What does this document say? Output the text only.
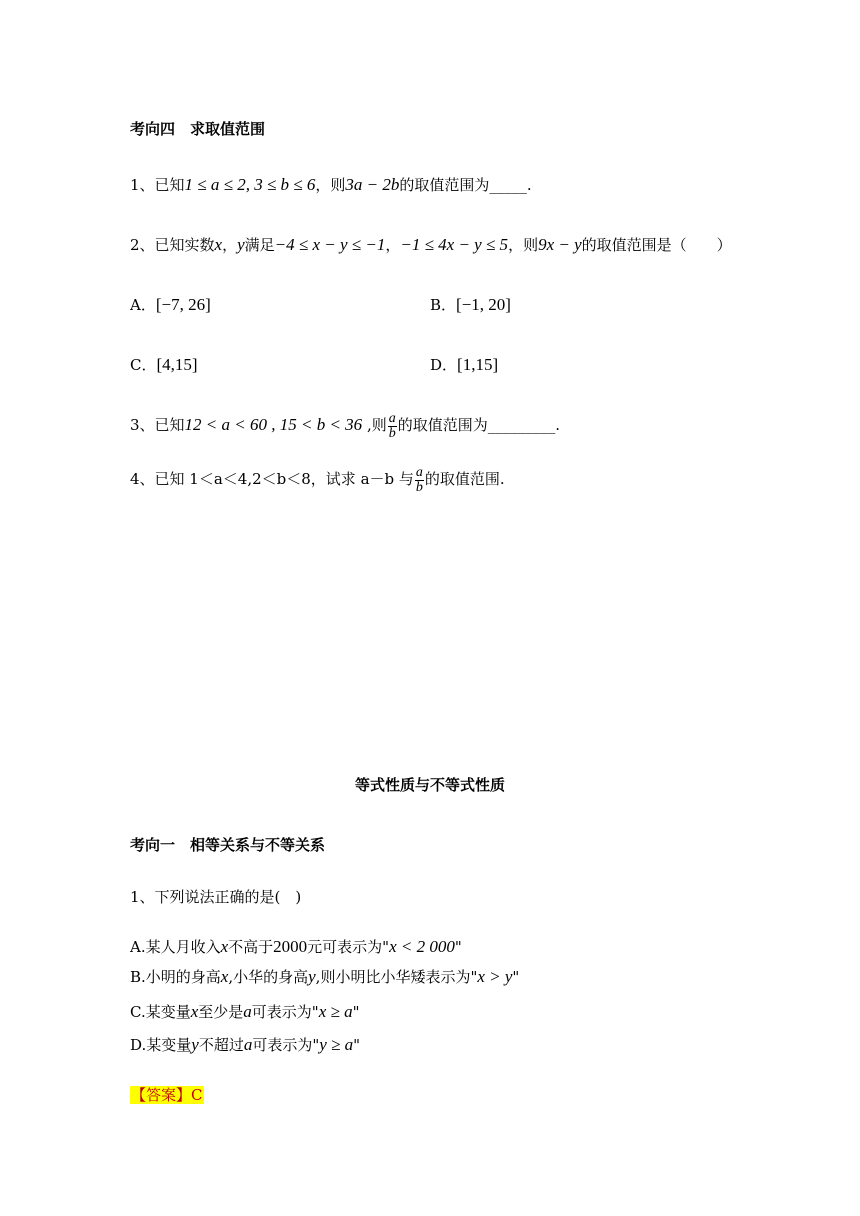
考向四　求取值范围
1、已知1 ≤ a ≤ 2, 3 ≤ b ≤ 6，则3a − 2b的取值范围为_____.
2、已知实数x，y满足−4 ≤ x − y ≤ −1，−1 ≤ 4x − y ≤ 5，则9x − y的取值范围是（　　）
A．[−7, 26]	B．[−1, 20]
C．[4,15]	D．[1,15]
3、已知12 < a < 60 , 15 < b < 36 ,则 $\frac{a}{b}$ 的取值范围为_________.
4、已知 1＜a＜4,2＜b＜8，试求 a－b 与 $\frac{a}{b}$ 的取值范围.
等式性质与不等式性质
考向一　相等关系与不等关系
1、下列说法正确的是(　)
A.某人月收入x不高于2000元可表示为"x < 2 000"
B.小明的身高x,小华的身高y,则小明比小华矮表示为"x > y"
C.某变量x至少是a可表示为"x ≥ a"
D.某变量y不超过a可表示为"y ≥ a"
【答案】C
